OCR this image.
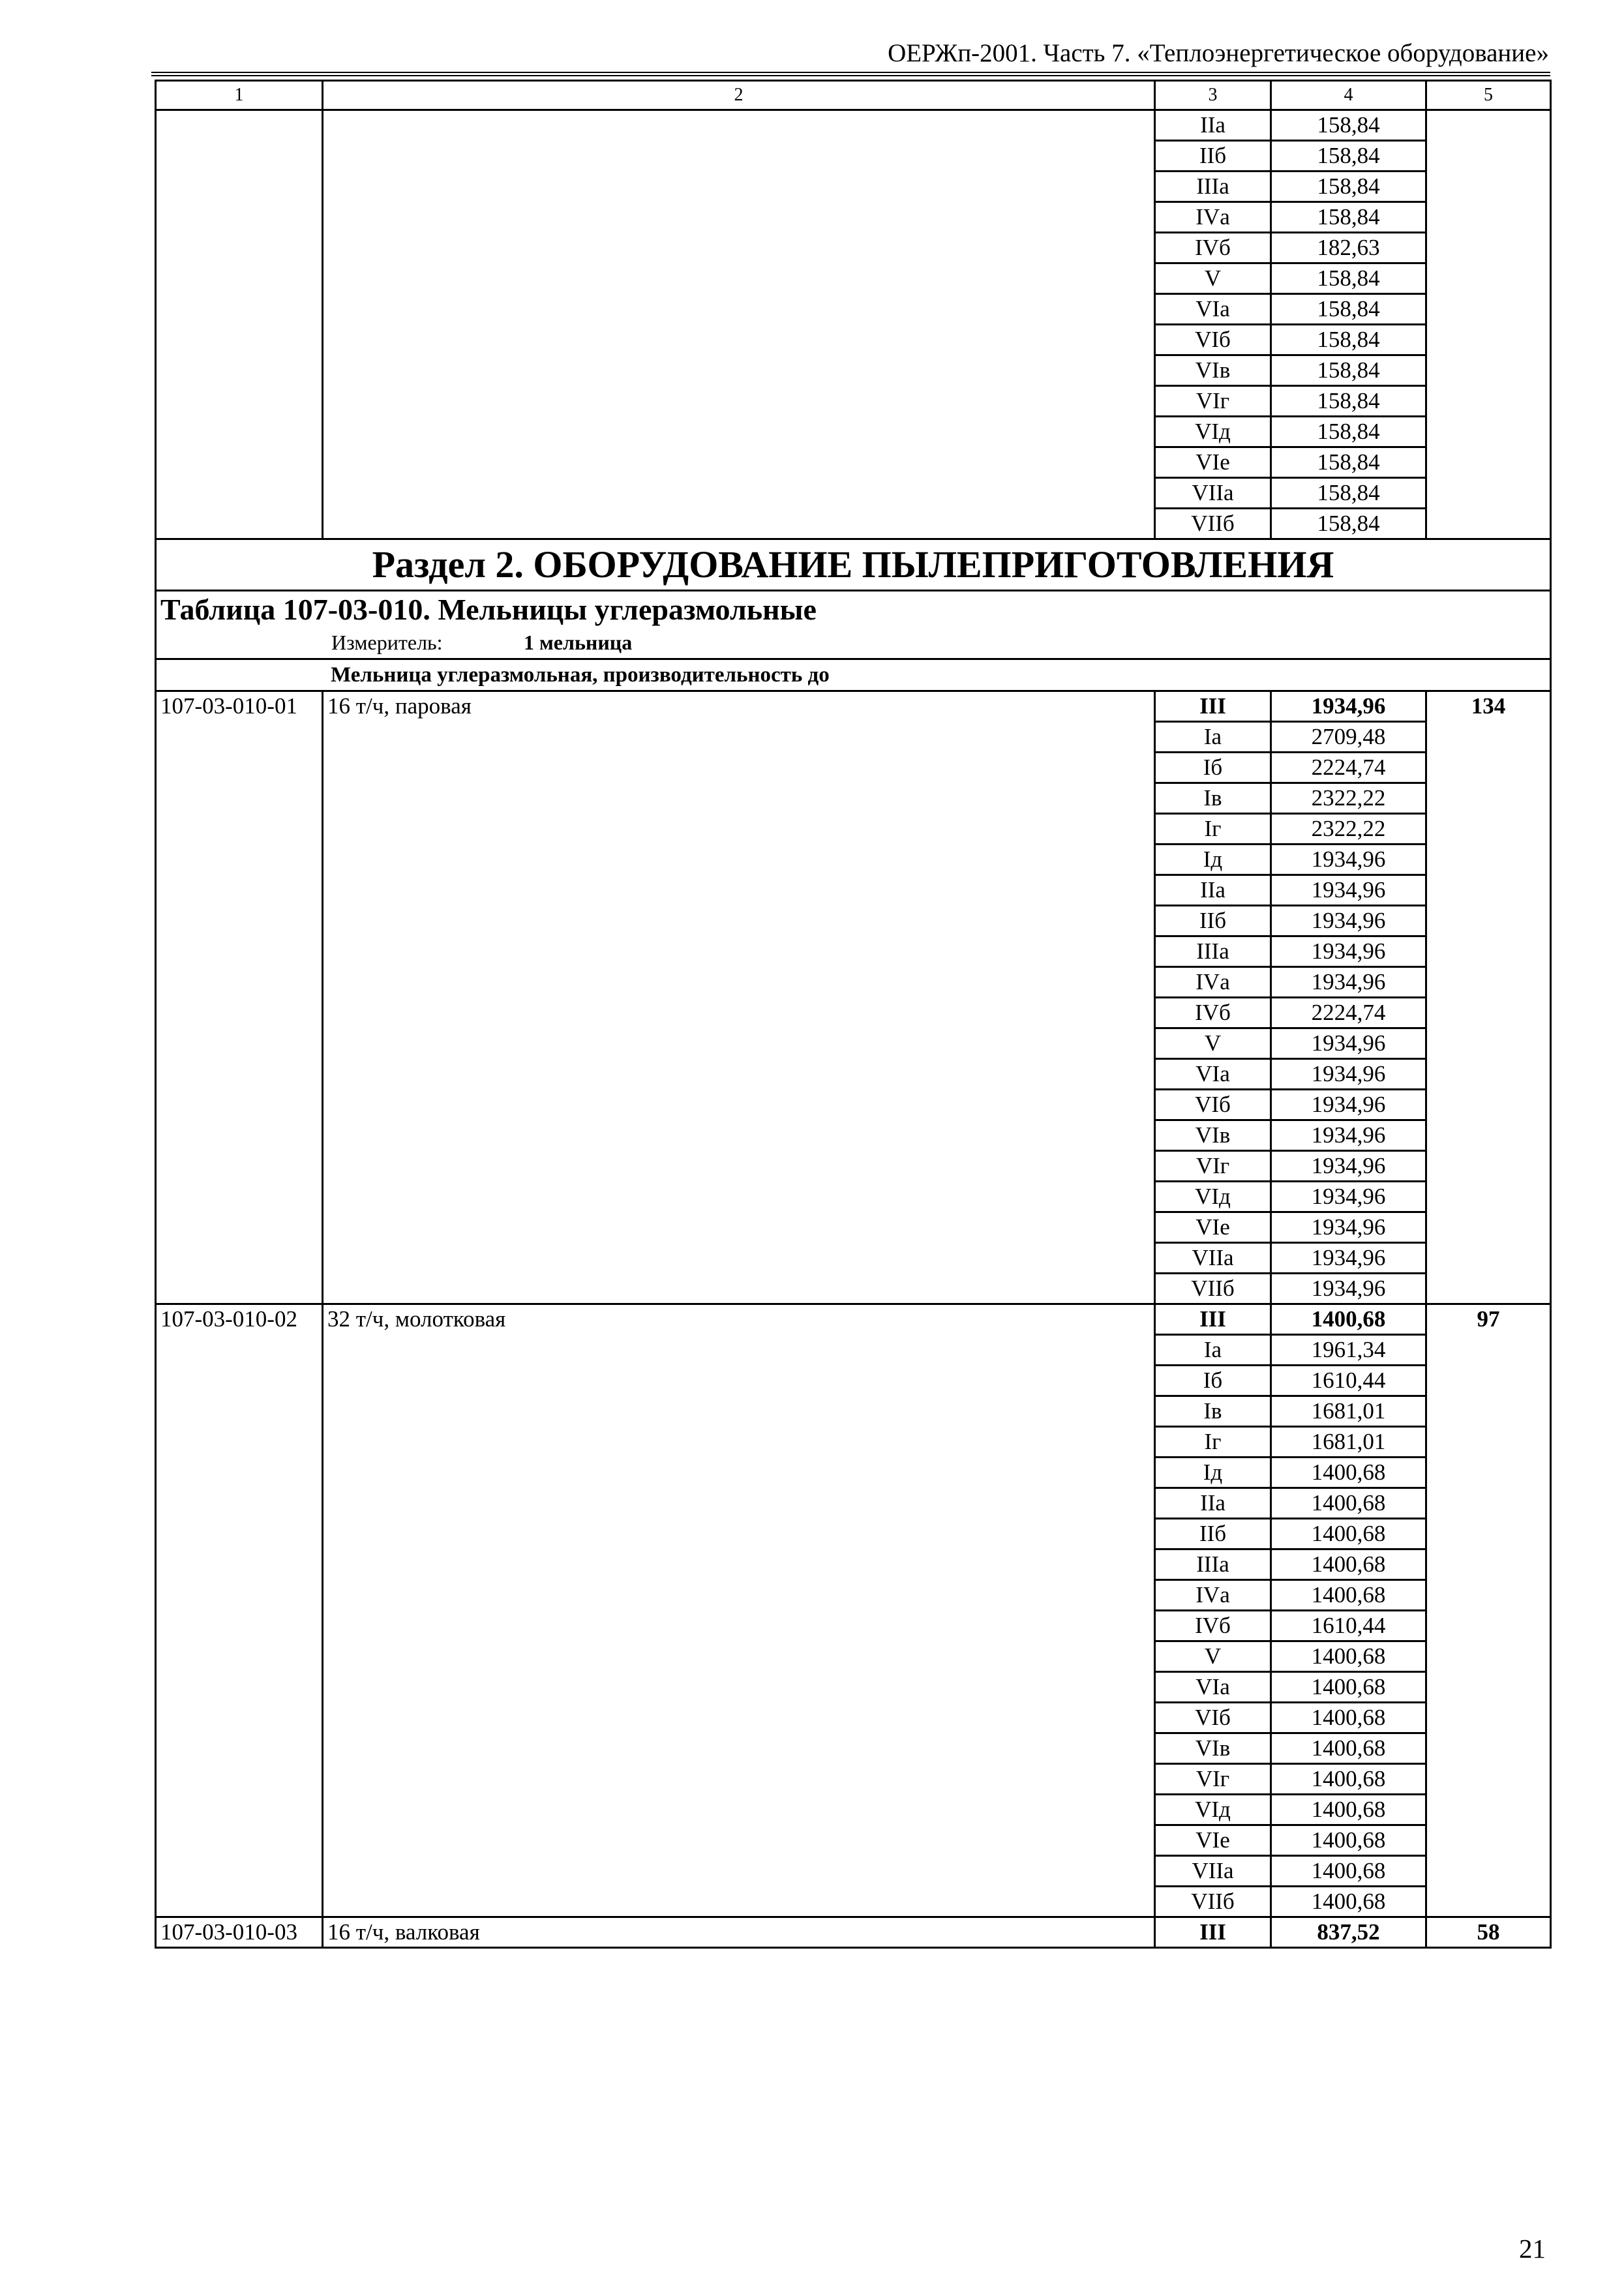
ОЕРЖп-2001. Часть 7. «Теплоэнергетическое оборудование»
1	2	3	4	5
		IIа	158,84	
		IIб	158,84	
		IIIа	158,84	
		IVа	158,84	
		IVб	182,63	
		V	158,84	
		VIа	158,84	
		VIб	158,84	
		VIв	158,84	
		VIг	158,84	
		VIд	158,84	
		VIе	158,84	
		VIIа	158,84	
		VIIб	158,84	
Раздел 2. ОБОРУДОВАНИЕ ПЫЛЕПРИГОТОВЛЕНИЯ				
Таблица 107-03-010. Мельницы углеразмольные				
Измеритель: 1 мельница				
Мельница углеразмольная, производительность до				
107-03-010-01	16 т/ч, паровая	III	1934,96	134
		Iа	2709,48	
		Iб	2224,74	
		Iв	2322,22	
		Iг	2322,22	
		Iд	1934,96	
		IIа	1934,96	
		IIб	1934,96	
		IIIа	1934,96	
		IVа	1934,96	
		IVб	2224,74	
		V	1934,96	
		VIа	1934,96	
		VIб	1934,96	
		VIв	1934,96	
		VIг	1934,96	
		VIд	1934,96	
		VIе	1934,96	
		VIIа	1934,96	
		VIIб	1934,96	
107-03-010-02	32 т/ч, молотковая	III	1400,68	97
		Iа	1961,34	
		Iб	1610,44	
		Iв	1681,01	
		Iг	1681,01	
		Iд	1400,68	
		IIа	1400,68	
		IIб	1400,68	
		IIIа	1400,68	
		IVа	1400,68	
		IVб	1610,44	
		V	1400,68	
		VIа	1400,68	
		VIб	1400,68	
		VIв	1400,68	
		VIг	1400,68	
		VIд	1400,68	
		VIе	1400,68	
		VIIа	1400,68	
		VIIб	1400,68	
107-03-010-03	16 т/ч, валковая	III	837,52	58
21
